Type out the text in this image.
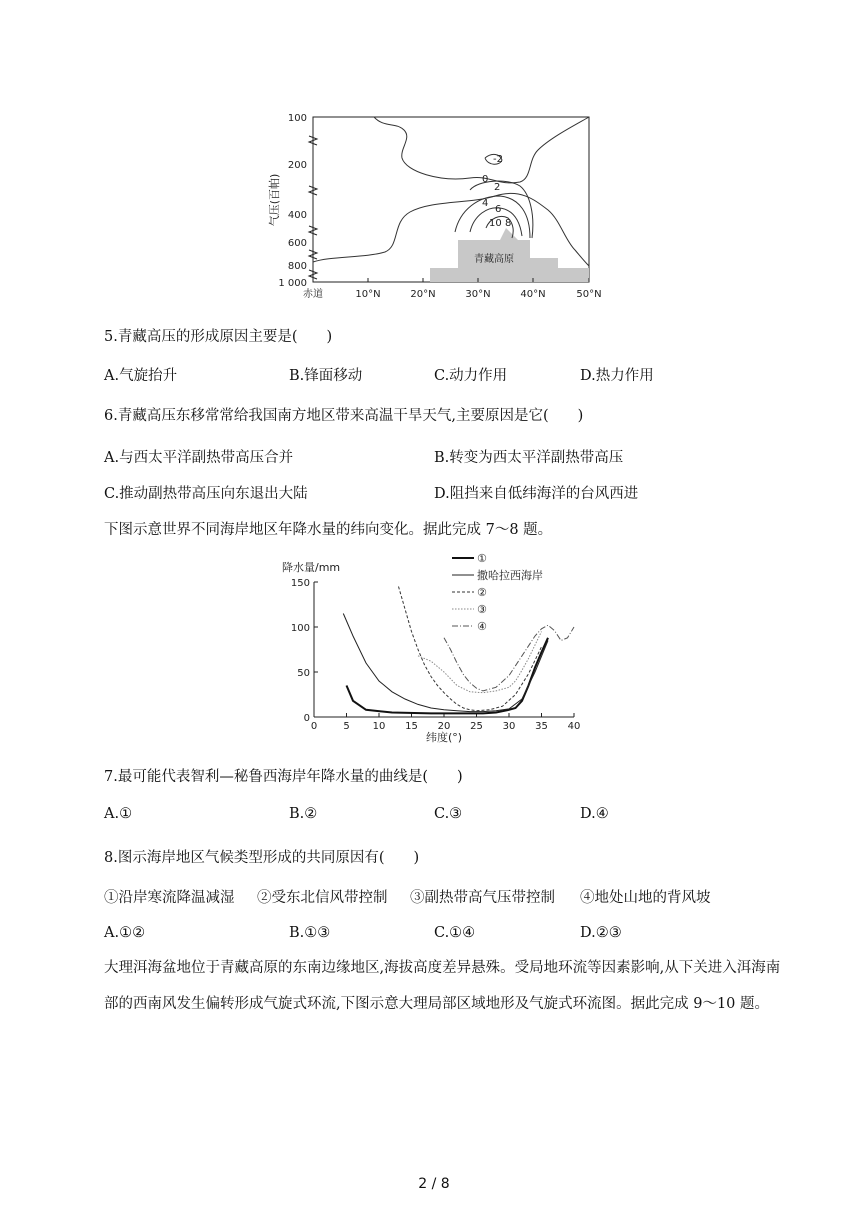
-2
0
2
4
6
10 8
青藏高原
100
200
400
600
800
1 000
气压(百帕)
赤道	10°N	20°N	30°N	40°N	50°N
5.青藏高压的形成原因主要是(　　)
A.气旋抬升	B.锋面移动	C.动力作用	D.热力作用
6.青藏高压东移常常给我国南方地区带来高温干旱天气,主要原因是它(　　)
A.与西太平洋副热带高压合并	B.转变为西太平洋副热带高压
C.推动副热带高压向东退出大陆	D.阻挡来自低纬海洋的台风西进
下图示意世界不同海岸地区年降水量的纬向变化。据此完成 7～8 题。
0
50
100
150
0	5 10 15 20 25 30 35 40
降水量/mm
纬度(°)
①
撒哈拉西海岸
②
③
④
7.最可能代表智利—秘鲁西海岸年降水量的曲线是(　　)
A.①	B.②	C.③	D.④
8.图示海岸地区气候类型形成的共同原因有(　　)
①沿岸寒流降温减湿 ②受东北信风带控制 ③副热带高气压带控制 ④地处山地的背风坡
A.①②	B.①③	C.①④	D.②③
大理洱海盆地位于青藏高原的东南边缘地区,海拔高度差异悬殊。受局地环流等因素影响,从下关进入洱海南部的西南风发生偏转形成气旋式环流,下图示意大理局部区域地形及气旋式环流图。据此完成 9～10 题。
2 / 8
